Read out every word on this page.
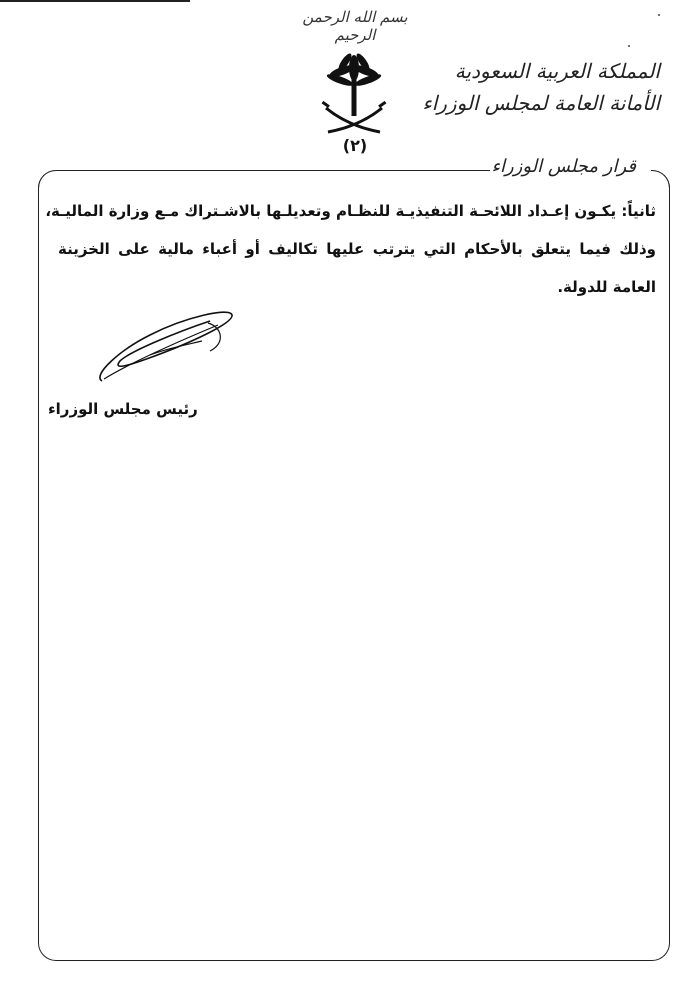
بسم الله الرحمن الرحيم
(٢)
المملكة العربية السعودية
الأمانة العامة لمجلس الوزراء
قرار مجلس الوزراء
ثانياً: يكـون إعـداد اللائحـة التنفيذيـة للنظـام وتعديلـها بالاشـتراك مـع وزارة الماليـة،
وذلك فيما يتعلق بالأحكام التي يترتب عليها تكاليف أو أعباء مالية على الخزينة
العامة للدولة.
رئيس مجلس الوزراء
